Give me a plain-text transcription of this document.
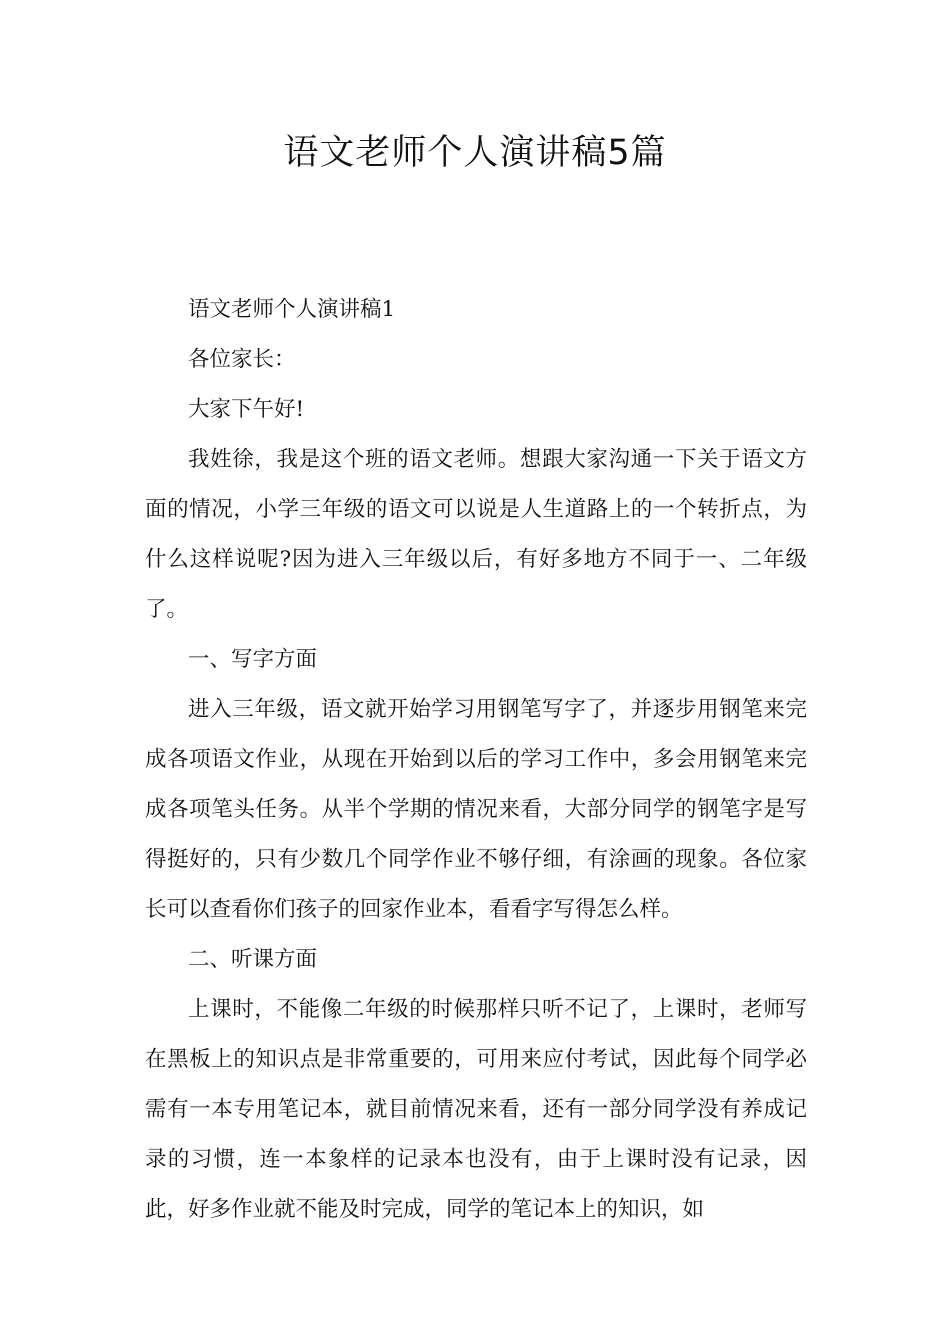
语文老师个人演讲稿5篇

语文老师个人演讲稿1

各位家长：

大家下午好!

我姓徐，我是这个班的语文老师。想跟大家沟通一下关于语文方面的情况，小学三年级的语文可以说是人生道路上的一个转折点，为什么这样说呢?因为进入三年级以后，有好多地方不同于一、二年级了。

一、写字方面

进入三年级，语文就开始学习用钢笔写字了，并逐步用钢笔来完成各项语文作业，从现在开始到以后的学习工作中，多会用钢笔来完成各项笔头任务。从半个学期的情况来看，大部分同学的钢笔字是写得挺好的，只有少数几个同学作业不够仔细，有涂画的现象。各位家长可以查看你们孩子的回家作业本，看看字写得怎么样。

二、听课方面

上课时，不能像二年级的时候那样只听不记了，上课时，老师写在黑板上的知识点是非常重要的，可用来应付考试，因此每个同学必需有一本专用笔记本，就目前情况来看，还有一部分同学没有养成记录的习惯，连一本象样的记录本也没有，由于上课时没有记录，因此，好多作业就不能及时完成，同学的笔记本上的知识，如
